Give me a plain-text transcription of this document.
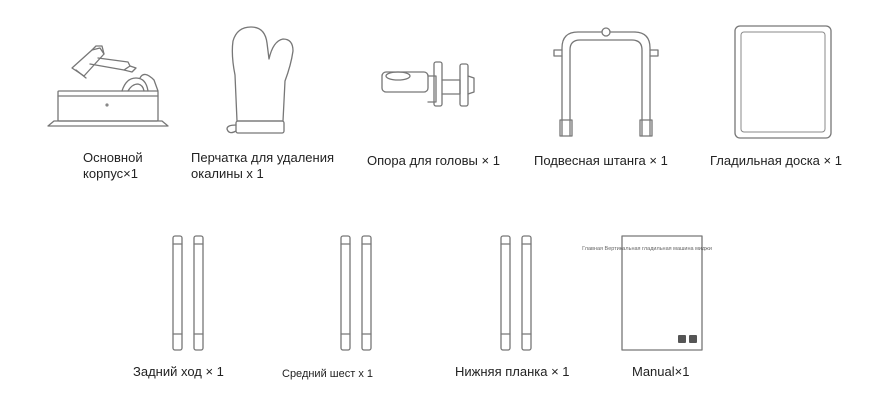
Основной корпус×1
Перчатка для удаления окалины x 1
Опора для головы × 1	Подвесная штанга × 1	Гладильная доска × 1
Задний ход × 1	Средний шест x 1	Нижняя планка × 1
Главная Вертикальная гладильная машина миджи
Manual×1
